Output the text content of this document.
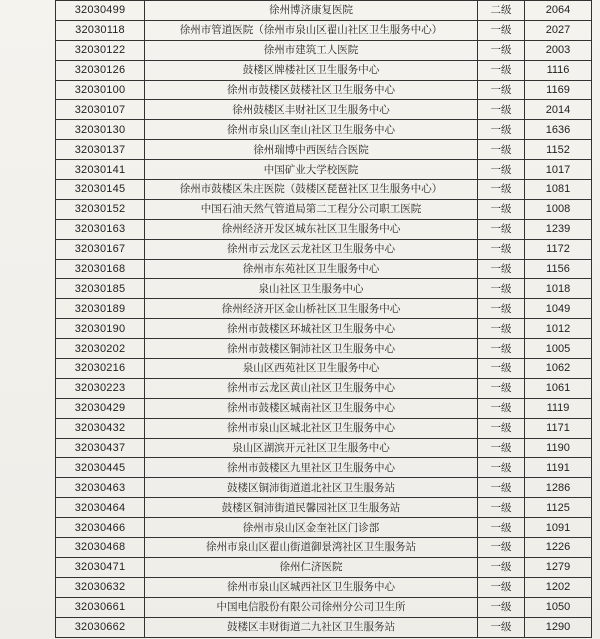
32030499	徐州博济康复医院	二级	2064
32030118	徐州市管道医院（徐州市泉山区翟山社区卫生服务中心）	一级	2027
32030122	徐州市建筑工人医院	一级	2003
32030126	鼓楼区牌楼社区卫生服务中心	一级	1116
32030100	徐州市鼓楼区鼓楼社区卫生服务中心	一级	1169
32030107	徐州鼓楼区丰财社区卫生服务中心	一级	2014
32030130	徐州市泉山区奎山社区卫生服务中心	一级	1636
32030137	徐州瑞博中西医结合医院	一级	1152
32030141	中国矿业大学校医院	一级	1017
32030145	徐州市鼓楼区朱庄医院（鼓楼区琵琶社区卫生服务中心）	一级	1081
32030152	中国石油天然气管道局第二工程分公司职工医院	一级	1008
32030163	徐州经济开发区城东社区卫生服务中心	一级	1239
32030167	徐州市云龙区云龙社区卫生服务中心	一级	1172
32030168	徐州市东苑社区卫生服务中心	一级	1156
32030185	泉山社区卫生服务中心	一级	1018
32030189	徐州经济开区金山桥社区卫生服务中心	一级	1049
32030190	徐州市鼓楼区环城社区卫生服务中心	一级	1012
32030202	徐州市鼓楼区铜沛社区卫生服务中心	一级	1005
32030216	泉山区西苑社区卫生服务中心	一级	1062
32030223	徐州市云龙区黄山社区卫生服务中心	一级	1061
32030429	徐州市鼓楼区城南社区卫生服务中心	一级	1119
32030432	徐州市泉山区城北社区卫生服务中心	一级	1171
32030437	泉山区湖滨开元社区卫生服务中心	一级	1190
32030445	徐州市鼓楼区九里社区卫生服务中心	一级	1191
32030463	鼓楼区铜沛街道道北社区卫生服务站	一级	1286
32030464	鼓楼区铜沛街道民馨园社区卫生服务站	一级	1125
32030466	徐州市泉山区金奎社区门诊部	一级	1091
32030468	徐州市泉山区翟山街道御景湾社区卫生服务站	一级	1226
32030471	徐州仁济医院	一级	1279
32030632	徐州市泉山区城西社区卫生服务中心	一级	1202
32030661	中国电信股份有限公司徐州分公司卫生所	一级	1050
32030662	鼓楼区丰财街道二九社区卫生服务站	一级	1290
